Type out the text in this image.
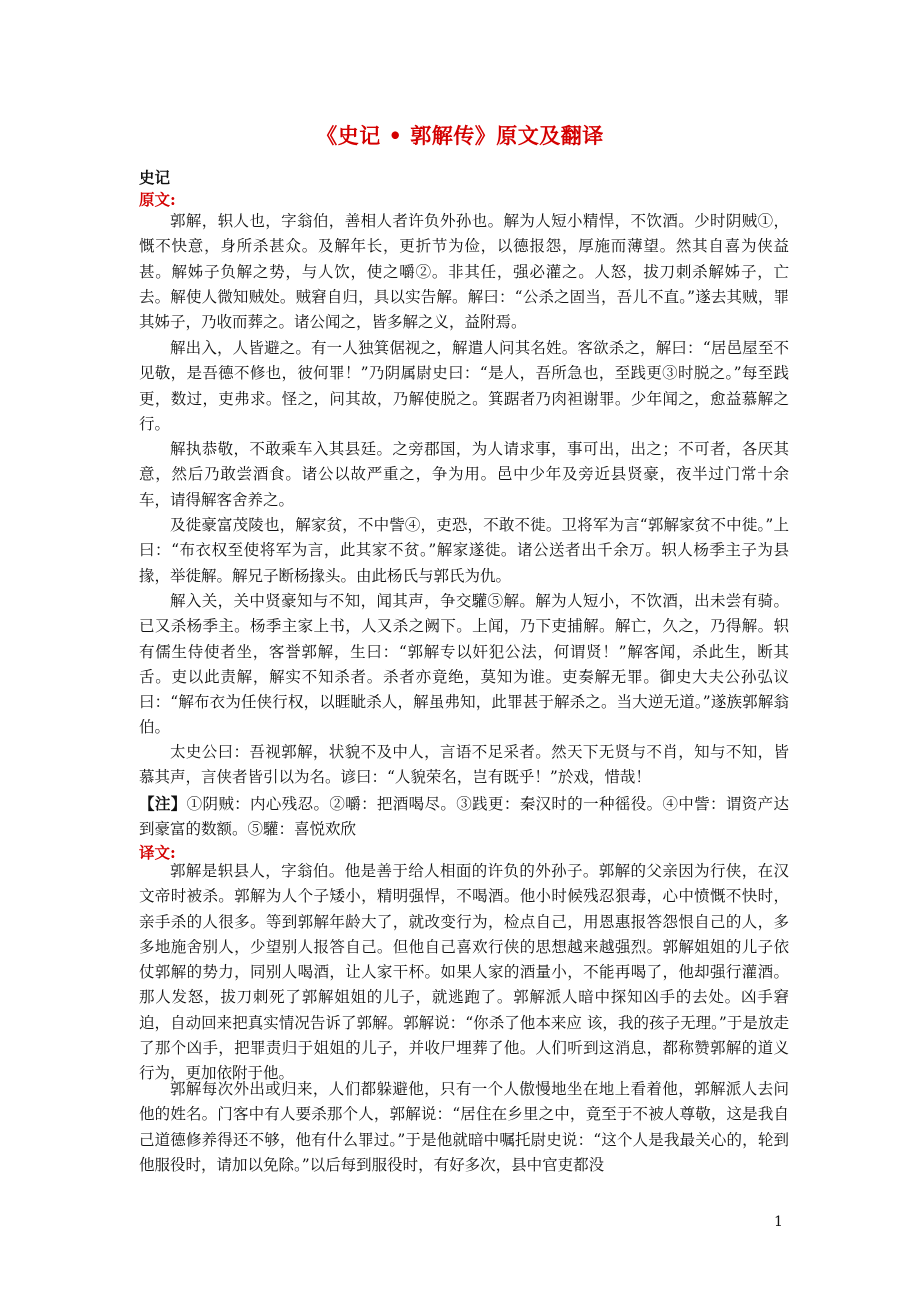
《史记 • 郭解传》原文及翻译
史记
原文:

郭解，轵人也，字翁伯，善相人者许负外孙也。解为人短小精悍，不饮酒。少时阴贼①，慨不快意，身所杀甚众。及解年长，更折节为俭，以德报怨，厚施而薄望。然其自喜为侠益甚。解姊子负解之势，与人饮，使之嚼②。非其任，强必灌之。人怒，拔刀刺杀解姊子，亡去。解使人微知贼处。贼窘自归，具以实告解。解曰：“公杀之固当，吾儿不直。”遂去其贼，罪其姊子，乃收而葬之。诸公闻之，皆多解之义，益附焉。

解出入，人皆避之。有一人独箕倨视之，解遣人问其名姓。客欲杀之，解曰：“居邑屋至不见敬，是吾德不修也，彼何罪！”乃阴属尉史曰：“是人，吾所急也，至践更③时脱之。”每至践更，数过，吏弗求。怪之，问其故，乃解使脱之。箕踞者乃肉袒谢罪。少年闻之，愈益慕解之行。

解执恭敬，不敢乘车入其县廷。之旁郡国，为人请求事，事可出，出之；不可者，各厌其意，然后乃敢尝酒食。诸公以故严重之，争为用。邑中少年及旁近县贤豪，夜半过门常十余车，请得解客舍养之。

及徙豪富茂陵也，解家贫，不中訾④，吏恐，不敢不徙。卫将军为言“郭解家贫不中徙。”上曰：“布衣权至使将军为言，此其家不贫。”解家遂徙。诸公送者出千余万。轵人杨季主子为县掾，举徙解。解兄子断杨掾头。由此杨氏与郭氏为仇。

解入关，关中贤豪知与不知，闻其声，争交驩⑤解。解为人短小，不饮酒，出未尝有骑。已又杀杨季主。杨季主家上书，人又杀之阙下。上闻，乃下吏捕解。解亡，久之，乃得解。轵有儒生侍使者坐，客誉郭解，生曰：“郭解专以奸犯公法，何谓贤！”解客闻，杀此生，断其舌。吏以此责解，解实不知杀者。杀者亦竟绝，莫知为谁。吏奏解无罪。御史大夫公孙弘议曰：“解布衣为任侠行权，以睚眦杀人，解虽弗知，此罪甚于解杀之。当大逆无道。”遂族郭解翁伯。

太史公曰：吾视郭解，状貌不及中人，言语不足采者。然天下无贤与不肖，知与不知，皆慕其声，言侠者皆引以为名。谚曰：“人貌荣名，岂有既乎！”於戏，惜哉！

【注】①阴贼：内心残忍。②嚼：把酒喝尽。③践更：秦汉时的一种徭役。④中訾：谓资产达到豪富的数额。⑤驩：喜悦欢欣

译文:

郭解是轵县人，字翁伯。他是善于给人相面的许负的外孙子。郭解的父亲因为行侠，在汉文帝时被杀。郭解为人个子矮小，精明强悍，不喝酒。他小时候残忍狠毒，心中愤慨不快时，亲手杀的人很多。等到郭解年龄大了，就改变行为，检点自己，用恩惠报答怨恨自己的人，多多地施舍别人，少望别人报答自己。但他自己喜欢行侠的思想越来越强烈。郭解姐姐的儿子依仗郭解的势力，同别人喝酒，让人家干杯。如果人家的酒量小，不能再喝了，他却强行灌酒。那人发怒，拔刀刺死了郭解姐姐的儿子，就逃跑了。郭解派人暗中探知凶手的去处。凶手窘迫，自动回来把真实情况告诉了郭解。郭解说：“你杀了他本来应 该，我的孩子无理。”于是放走了那个凶手，把罪责归于姐姐的儿子，并收尸埋葬了他。人们听到这消息，都称赞郭解的道义行为，更加依附于他。

郭解每次外出或归来，人们都躲避他，只有一个人傲慢地坐在地上看着他，郭解派人去问他的姓名。门客中有人要杀那个人，郭解说：“居住在乡里之中，竟至于不被人尊敬，这是我自己道德修养得还不够，他有什么罪过。”于是他就暗中嘱托尉史说：“这个人是我最关心的，轮到他服役时，请加以免除。”以后每到服役时，有好多次，县中官吏都没

1
